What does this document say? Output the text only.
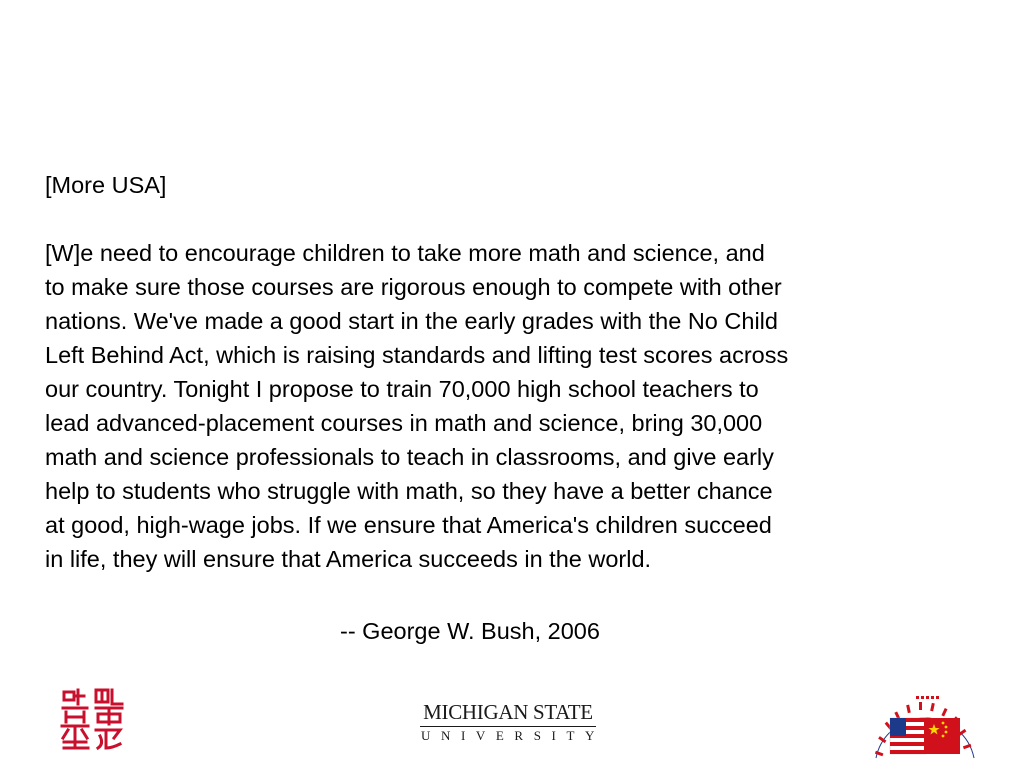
[More USA]

[W]e need to encourage children to take more math and science, and
to make sure those courses are rigorous enough to compete with other
nations. We've made a good start in the early grades with the No Child
Left Behind Act, which is raising standards and lifting test scores across
our country. Tonight I propose to train 70,000 high school teachers to
lead advanced-placement courses in math and science, bring 30,000
math and science professionals to teach in classrooms, and give early
help to students who struggle with math, so they have a better chance
at good, high-wage jobs. If we ensure that America's children succeed
in life, they will ensure that America succeeds in the world.

-- George W. Bush, 2006
MICHIGAN STATE
UNIVERSITY
